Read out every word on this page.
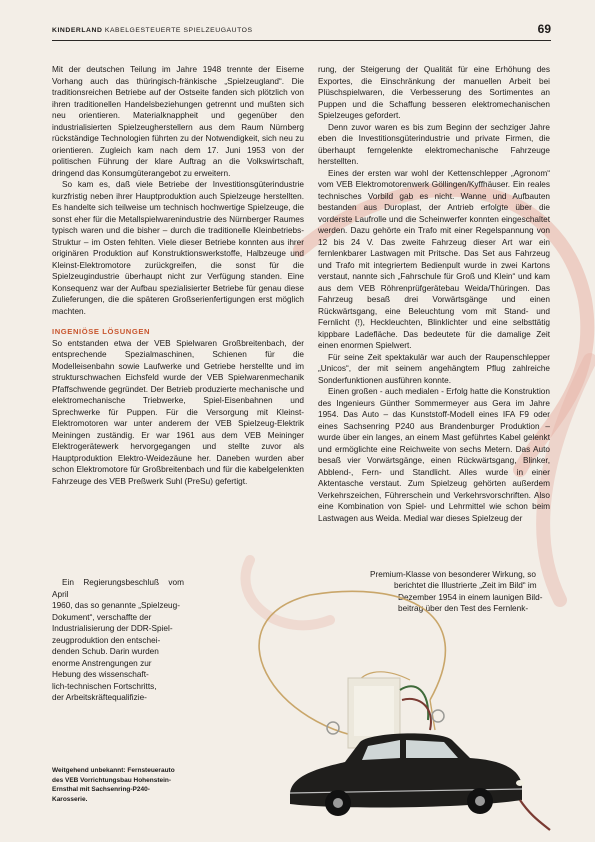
KINDERLAND KABELGESTEUERTE SPIELZEUGAUTOS	69

Mit der deutschen Teilung im Jahre 1948 trennte der Eiserne Vorhang auch das thüringisch-fränkische „Spielzeugland“. Die traditionsreichen Betriebe auf der Ostseite fanden sich plötzlich von ihren traditionellen Handelsbeziehungen getrennt und mußten sich neu orientieren. Materialknappheit und gegenüber den industrialisierten Spielzeugherstellern aus dem Raum Nürnberg rückständige Technologien führten zu der Notwendigkeit, sich neu zu orientieren. Zugleich kam nach dem 17. Juni 1953 von der politischen Führung der klare Auftrag an die Volkswirtschaft, dringend das Konsumgüterangebot zu erweitern.

So kam es, daß viele Betriebe der Investitionsgüterindustrie kurzfristig neben ihrer Hauptproduktion auch Spielzeuge herstellten. Es handelte sich teilweise um technisch hochwertige Spielzeuge, die sonst eher für die Metallspielwarenindustrie des Nürnberger Raumes typisch waren und die bisher – durch die traditionelle Kleinbetriebs-Struktur – im Osten fehlten. Viele dieser Betriebe konnten aus ihrer originären Produktion auf Konstruktionswerkstoffe, Halbzeuge und Kleinst-Elektromotore zurückgreifen, die sonst für die Spielzeugindustrie überhaupt nicht zur Verfügung standen. Eine Konsequenz war der Aufbau spezialisierter Betriebe für genau diese Zulieferungen, die die späteren Großserienfertigungen erst möglich machten.

INGENIÖSE LÖSUNGEN

So entstanden etwa der VEB Spielwaren Großbreitenbach, der entsprechende Spezialmaschinen, Schienen für die Modelleisenbahn sowie Laufwerke und Getriebe herstellte und im strukturschwachen Eichsfeld wurde der VEB Spielwarenmechanik Pfaffschwende gegründet. Der Betrieb produzierte mechanische und elektromechanische Triebwerke, Spiel-Eisenbahnen und Sprechwerke für Puppen. Für die Versorgung mit Kleinst-Elektromotoren war unter anderem der VEB Spielzeug-Elektrik Meiningen zuständig. Er war 1961 aus dem VEB Meininger Elektrogerätewerk hervorgegangen und stellte zuvor als Hauptproduktion Elektro-Weidezäune her. Daneben wurden aber schon Elektromotore für Großbreitenbach und für die kabelgelenkten Fahrzeuge des VEB Preßwerk Suhl (PreSu) gefertigt.

Ein Regierungsbeschluß vom April
1960, das so genannte „Spielzeug-
Dokument“, verschaffte der
Industrialisierung der DDR-Spiel-
zeugproduktion den entschei-
denden Schub. Darin wurden
enorme Anstrengungen zur
Hebung des wissenschaft-
lich-technischen Fortschritts,
der Arbeitskräftequalifizie-

rung, der Steigerung der Qualität für eine Erhöhung des Exportes, die Einschränkung der manuellen Arbeit bei Plüschspielwaren, die Verbesserung des Sortimentes an Puppen und die Schaffung besseren elektromechanischen Spielzeuges gefordert.

Denn zuvor waren es bis zum Beginn der sechziger Jahre eben die Investitionsgüterindustrie und private Firmen, die überhaupt ferngelenkte elektromechanische Fahrzeuge herstellten.

Eines der ersten war wohl der Kettenschlepper „Agronom“ vom VEB Elektromotorenwerk Göllingen/Kyffhäuser. Ein reales technisches Vorbild gab es nicht. Wanne und Aufbauten bestanden aus Duroplast, der Antrieb erfolgte über die vorderste Laufrolle und die Scheinwerfer konnten eingeschaltet werden. Dazu gehörte ein Trafo mit einer Regelspannung von 12 bis 24 V. Das zweite Fahrzeug dieser Art war ein fernlenkbarer Lastwagen mit Pritsche. Das Set aus Fahrzeug und Trafo mit integriertem Bedienpult wurde in zwei Kartons verstaut, nannte sich „Fahrschule für Groß und Klein“ und kam aus dem VEB Röhrenprüfgerätebau Weida/Thüringen. Das Fahrzeug besaß drei Vorwärtsgänge und einen Rückwärtsgang, eine Beleuchtung vom mit Stand- und Fernlicht (!), Heckleuchten, Blinklichter und eine selbsttätig kippbare Ladefläche. Das bedeutete für die damalige Zeit einen enormen Spielwert.

Für seine Zeit spektakulär war auch der Raupenschlepper „Unicos“, der mit seinem angehängtem Pflug zahlreiche Sonderfunktionen ausführen konnte.

Einen großen - auch medialen - Erfolg hatte die Konstruktion des Ingenieurs Günther Sommermeyer aus Gera im Jahre 1954. Das Auto – das Kunststoff-Modell eines IFA F9 oder eines Sachsenring P240 aus Brandenburger Produktion – wurde über ein langes, an einem Mast geführtes Kabel gelenkt und ermöglichte eine Reichweite von sechs Metern. Das Auto besaß vier Vorwärtsgänge, einen Rückwärtsgang, Blinker, Abblend-, Fern- und Standlicht. Alles wurde in einer Aktentasche verstaut. Zum Spielzeug gehörten außerdem Verkehrszeichen, Führerschein und Verkehrsvorschriften. Also eine Kombination von Spiel- und Lehrmittel wie schon beim Lastwagen aus Weida. Medial war dieses Spielzeug der

Premium-Klasse von besonderer Wirkung, so
berichtet die Illustrierte „Zeit im Bild“ im
Dezember 1954 in einem launigen Bild-
beitrag über den Test des Fernlenk-
Weitgehend unbekannt: Fernsteuerauto des VEB Vorrichtungsbau Hohenstein-Ernsthal mit Sachsenring-P240-Karosserie.
